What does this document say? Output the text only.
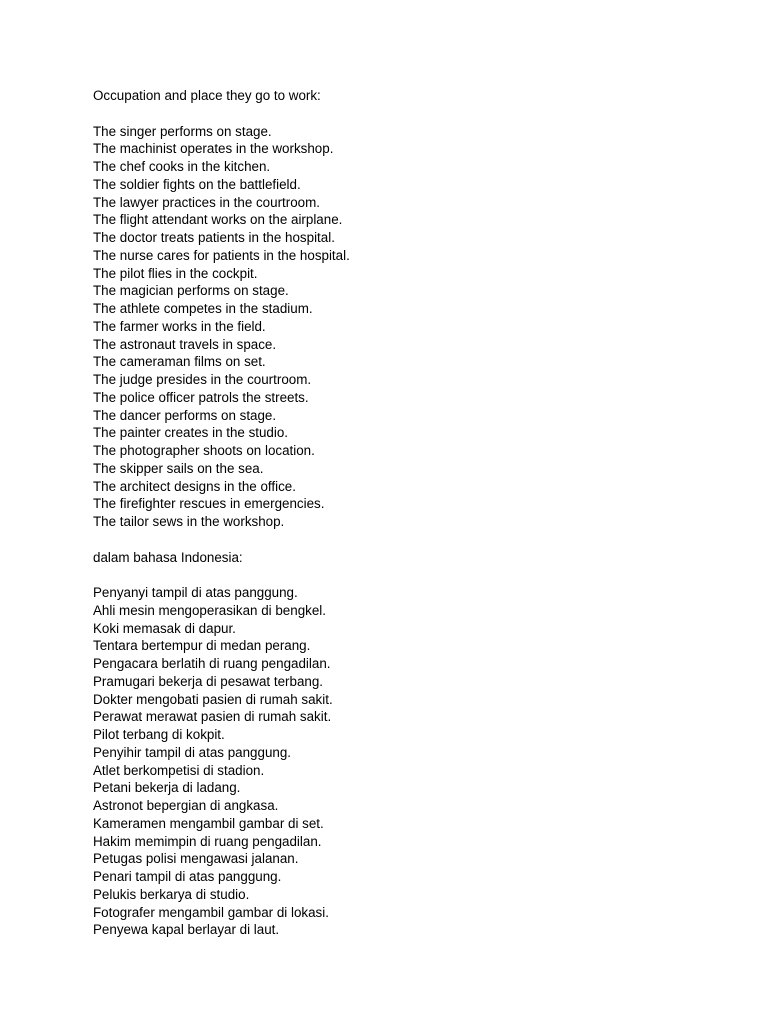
Occupation and place they go to work:
The singer performs on stage.
The machinist operates in the workshop.
The chef cooks in the kitchen.
The soldier fights on the battlefield.
The lawyer practices in the courtroom.
The flight attendant works on the airplane.
The doctor treats patients in the hospital.
The nurse cares for patients in the hospital.
The pilot flies in the cockpit.
The magician performs on stage.
The athlete competes in the stadium.
The farmer works in the field.
The astronaut travels in space.
The cameraman films on set.
The judge presides in the courtroom.
The police officer patrols the streets.
The dancer performs on stage.
The painter creates in the studio.
The photographer shoots on location.
The skipper sails on the sea.
The architect designs in the office.
The firefighter rescues in emergencies.
The tailor sews in the workshop.
dalam bahasa Indonesia:
Penyanyi tampil di atas panggung.
Ahli mesin mengoperasikan di bengkel.
Koki memasak di dapur.
Tentara bertempur di medan perang.
Pengacara berlatih di ruang pengadilan.
Pramugari bekerja di pesawat terbang.
Dokter mengobati pasien di rumah sakit.
Perawat merawat pasien di rumah sakit.
Pilot terbang di kokpit.
Penyihir tampil di atas panggung.
Atlet berkompetisi di stadion.
Petani bekerja di ladang.
Astronot bepergian di angkasa.
Kameramen mengambil gambar di set.
Hakim memimpin di ruang pengadilan.
Petugas polisi mengawasi jalanan.
Penari tampil di atas panggung.
Pelukis berkarya di studio.
Fotografer mengambil gambar di lokasi.
Penyewa kapal berlayar di laut.
